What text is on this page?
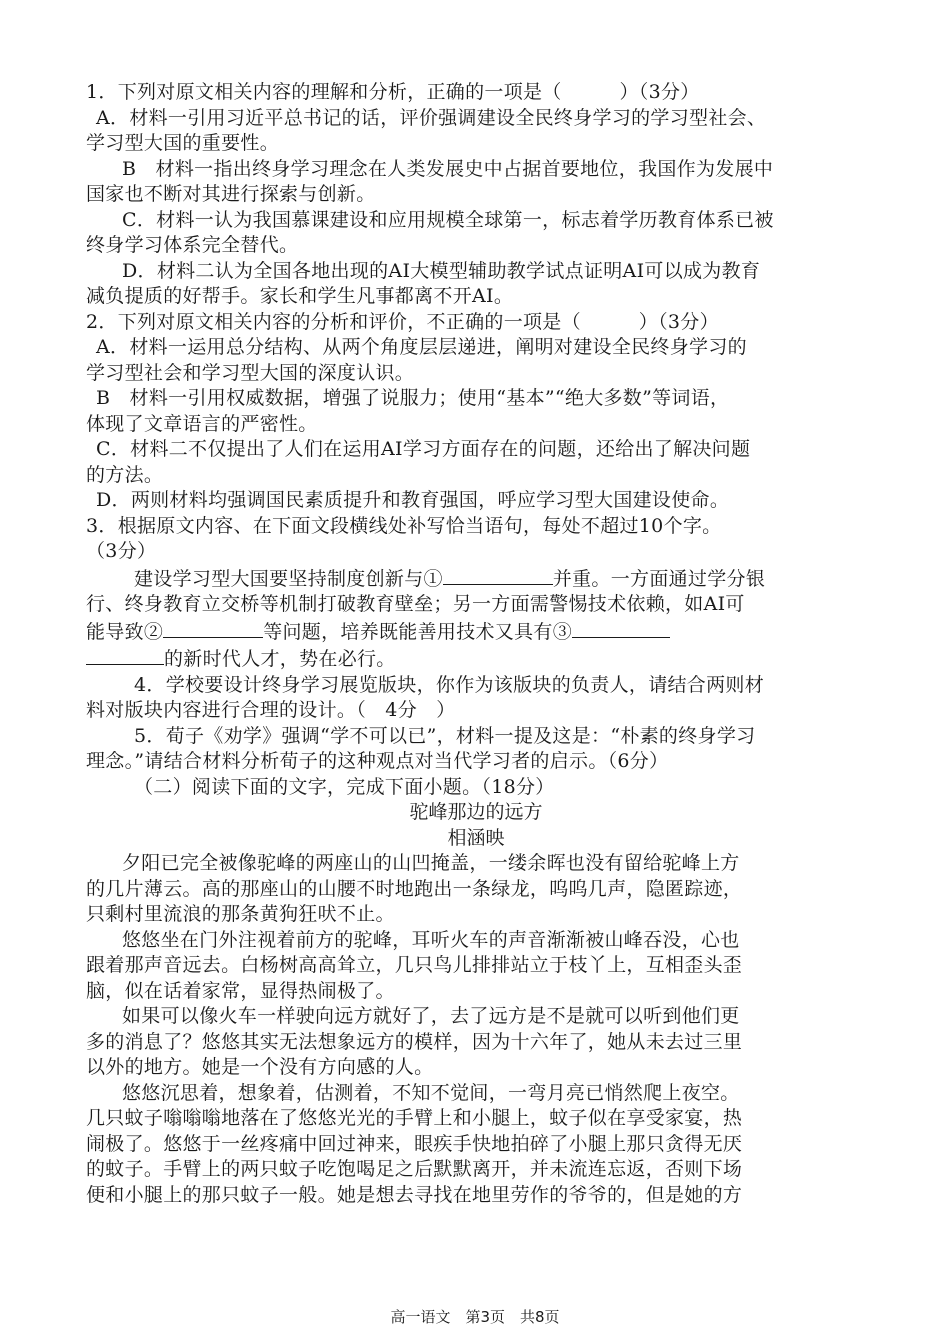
1．下列对原文相关内容的理解和分析，正确的一项是（　　　）（3分）
A．材料一引用习近平总书记的话，评价强调建设全民终身学习的学习型社会、
学习型大国的重要性。
B　材料一指出终身学习理念在人类发展史中占据首要地位，我国作为发展中
国家也不断对其进行探索与创新。
C．材料一认为我国慕课建设和应用规模全球第一，标志着学历教育体系已被
终身学习体系完全替代。
D．材料二认为全国各地出现的AI大模型辅助教学试点证明AI可以成为教育
减负提质的好帮手。家长和学生凡事都离不开AI。
2．下列对原文相关内容的分析和评价，不正确的一项是（　　　）（3分）
A．材料一运用总分结构、从两个角度层层递进，阐明对建设全民终身学习的
学习型社会和学习型大国的深度认识。
B　材料一引用权威数据，增强了说服力；使用“基本”“绝大多数”等词语，
体现了文章语言的严密性。
C．材料二不仅提出了人们在运用AI学习方面存在的问题，还给出了解决问题
的方法。
D．两则材料均强调国民素质提升和教育强国，呼应学习型大国建设使命。
3．根据原文内容、在下面文段横线处补写恰当语句，每处不超过10个字。
（3分）
建设学习型大国要坚持制度创新与①	并重。一方面通过学分银
行、终身教育立交桥等机制打破教育壁垒；另一方面需警惕技术依赖，如AI可
能导致②	等问题，培养既能善用技术又具有③
的新时代人才，势在必行。
4．学校要设计终身学习展览版块，你作为该版块的负责人，请结合两则材
料对版块内容进行合理的设计。（　4分　）
5．荀子《劝学》强调“学不可以已”，材料一提及这是：“朴素的终身学习
理念。”请结合材料分析荀子的这种观点对当代学习者的启示。（6分）
（二）阅读下面的文字，完成下面小题。（18分）
驼峰那边的远方
相涵映
夕阳已完全被像驼峰的两座山的山凹掩盖，一缕余晖也没有留给驼峰上方
的几片薄云。高的那座山的山腰不时地跑出一条绿龙，呜呜几声，隐匿踪迹，
只剩村里流浪的那条黄狗狂吠不止。
悠悠坐在门外注视着前方的驼峰，耳听火车的声音渐渐被山峰吞没，心也
跟着那声音远去。白杨树高高耸立，几只鸟儿排排站立于枝丫上，互相歪头歪
脑，似在话着家常，显得热闹极了。
如果可以像火车一样驶向远方就好了，去了远方是不是就可以听到他们更
多的消息了？悠悠其实无法想象远方的模样，因为十六年了，她从未去过三里
以外的地方。她是一个没有方向感的人。
悠悠沉思着，想象着，估测着，不知不觉间，一弯月亮已悄然爬上夜空。
几只蚊子嗡嗡嗡地落在了悠悠光光的手臂上和小腿上，蚊子似在享受家宴，热
闹极了。悠悠于一丝疼痛中回过神来，眼疾手快地拍碎了小腿上那只贪得无厌
的蚊子。手臂上的两只蚊子吃饱喝足之后默默离开，并未流连忘返，否则下场
便和小腿上的那只蚊子一般。她是想去寻找在地里劳作的爷爷的，但是她的方
高一语文　第3页　共8页
